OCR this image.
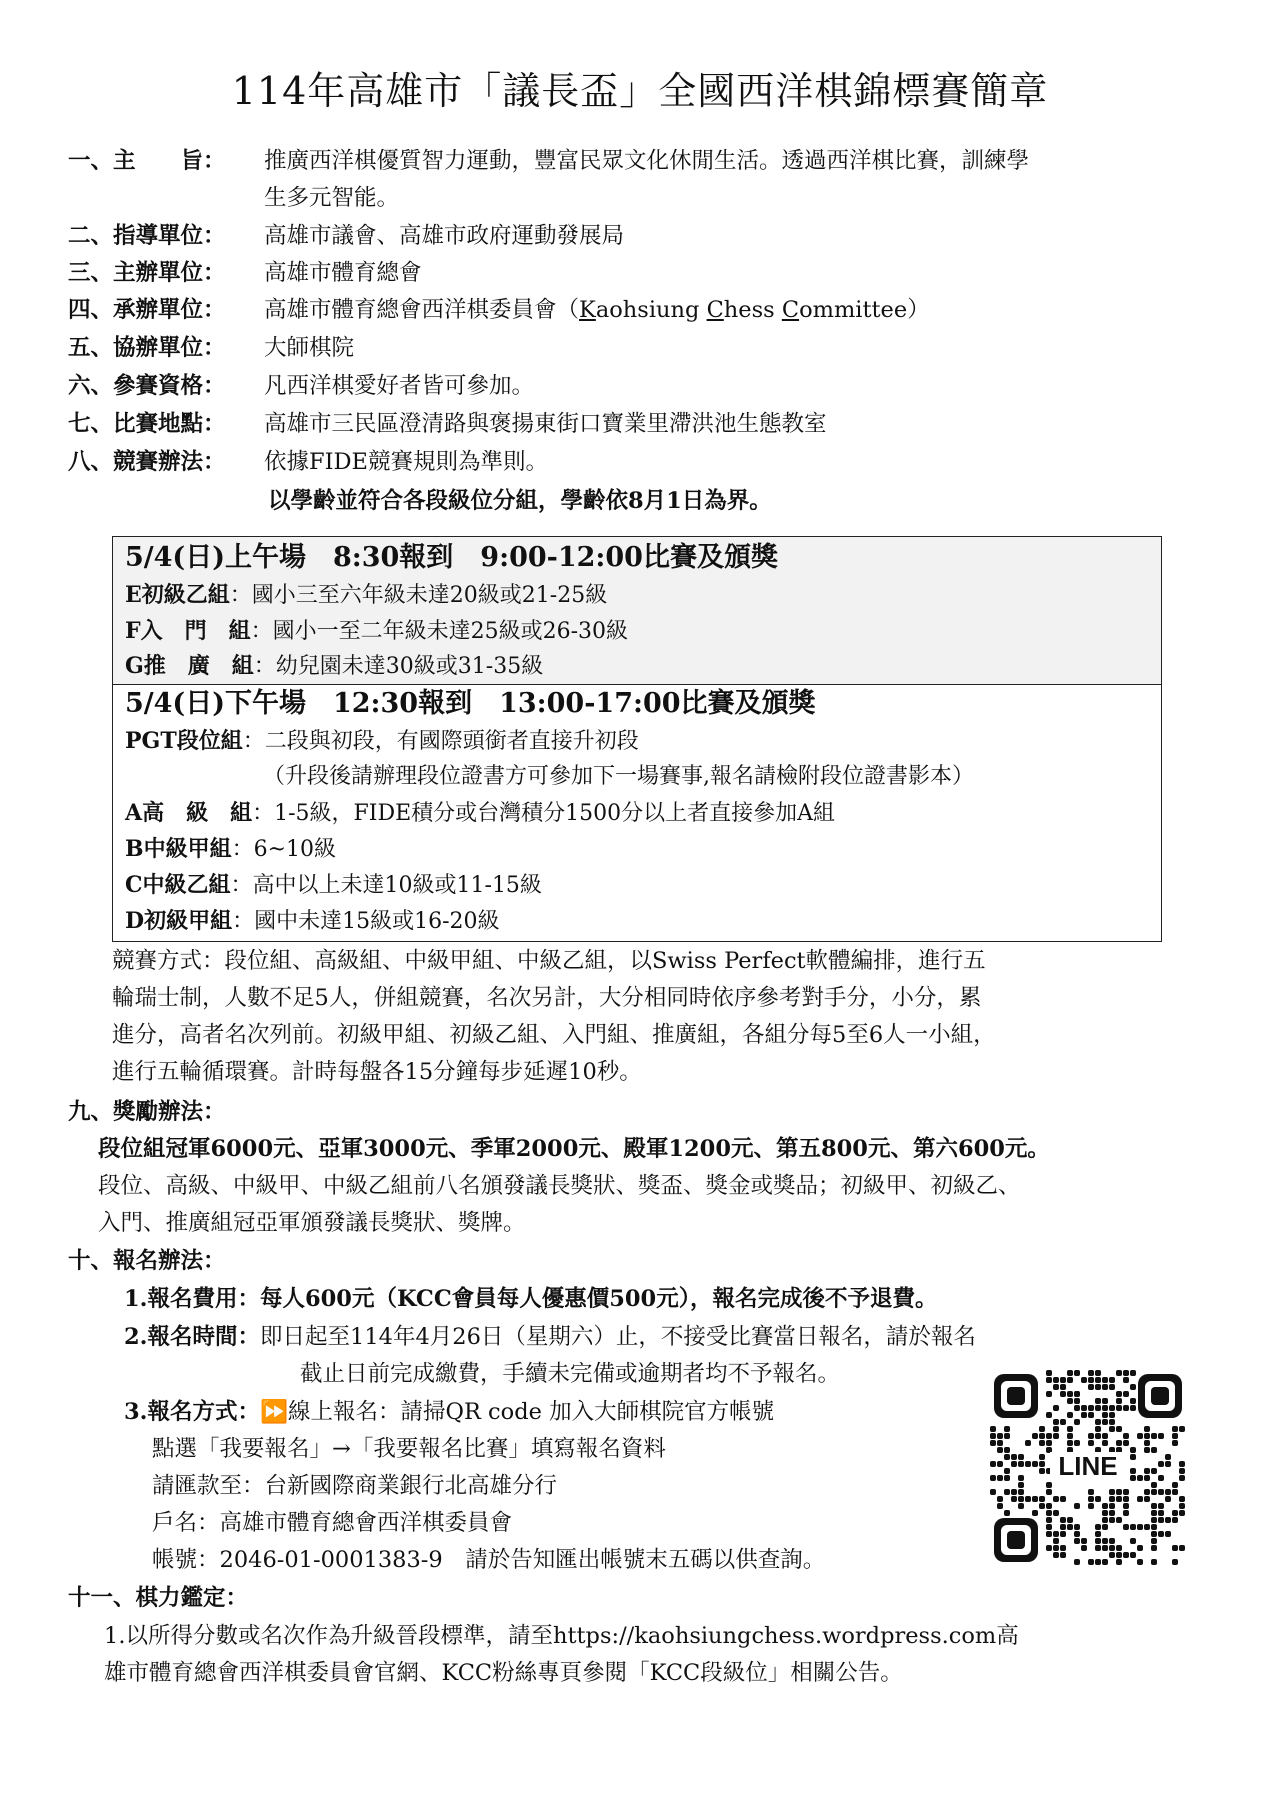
114年高雄市「議長盃」全國西洋棋錦標賽簡章
一、主　　旨： 推廣西洋棋優質智力運動，豐富民眾文化休閒生活。透過西洋棋比賽，訓練學
生多元智能。
二、指導單位： 高雄市議會、高雄市政府運動發展局
三、主辦單位： 高雄市體育總會
四、承辦單位： 高雄市體育總會西洋棋委員會（Kaohsiung Chess Committee）
五、協辦單位： 大師棋院
六、參賽資格： 凡西洋棋愛好者皆可參加。
七、比賽地點： 高雄市三民區澄清路與褒揚東街口寶業里滯洪池生態教室
八、競賽辦法： 依據FIDE競賽規則為準則。
以學齡並符合各段級位分組，學齡依8月1日為界。
5/4(日)上午場　8:30報到　9:00-12:00比賽及頒獎
E初級乙組：國小三至六年級未達20級或21-25級
F入　門　組：國小一至二年級未達25級或26-30級
G推　廣　組：幼兒園未達30級或31-35級
5/4(日)下午場　12:30報到　13:00-17:00比賽及頒獎
PGT段位組：二段與初段，有國際頭銜者直接升初段
（升段後請辦理段位證書方可參加下一場賽事,報名請檢附段位證書影本）
A高　級　組：1-5級，FIDE積分或台灣積分1500分以上者直接參加A組
B中級甲組：6~10級
C中級乙組：高中以上未達10級或11-15級
D初級甲組：國中未達15級或16-20級
競賽方式：段位組、高級組、中級甲組、中級乙組，以Swiss Perfect軟體編排，進行五
輪瑞士制，人數不足5人，併組競賽，名次另計，大分相同時依序參考對手分，小分，累
進分，高者名次列前。初級甲組、初級乙組、入門組、推廣組，各組分每5至6人一小組，
進行五輪循環賽。計時每盤各15分鐘每步延遲10秒。
九、獎勵辦法：
段位組冠軍6000元、亞軍3000元、季軍2000元、殿軍1200元、第五800元、第六600元。
段位、高級、中級甲、中級乙組前八名頒發議長獎狀、獎盃、獎金或獎品；初級甲、初級乙、
入門、推廣組冠亞軍頒發議長獎狀、獎牌。
十、報名辦法：
1.報名費用：每人600元（KCC會員每人優惠價500元），報名完成後不予退費。
2.報名時間：即日起至114年4月26日（星期六）止，不接受比賽當日報名，請於報名
截止日前完成繳費，手續未完備或逾期者均不予報名。
3.報名方式：⏩線上報名：請掃QR code 加入大師棋院官方帳號
點選「我要報名」→「我要報名比賽」填寫報名資料
請匯款至：台新國際商業銀行北高雄分行
戶名：高雄市體育總會西洋棋委員會
帳號：2046-01-0001383-9　請於告知匯出帳號末五碼以供查詢。
LINE
十一、棋力鑑定：
1.以所得分數或名次作為升級晉段標準，請至https://kaohsiungchess.wordpress.com高
雄市體育總會西洋棋委員會官網、KCC粉絲專頁參閱「KCC段級位」相關公告。
